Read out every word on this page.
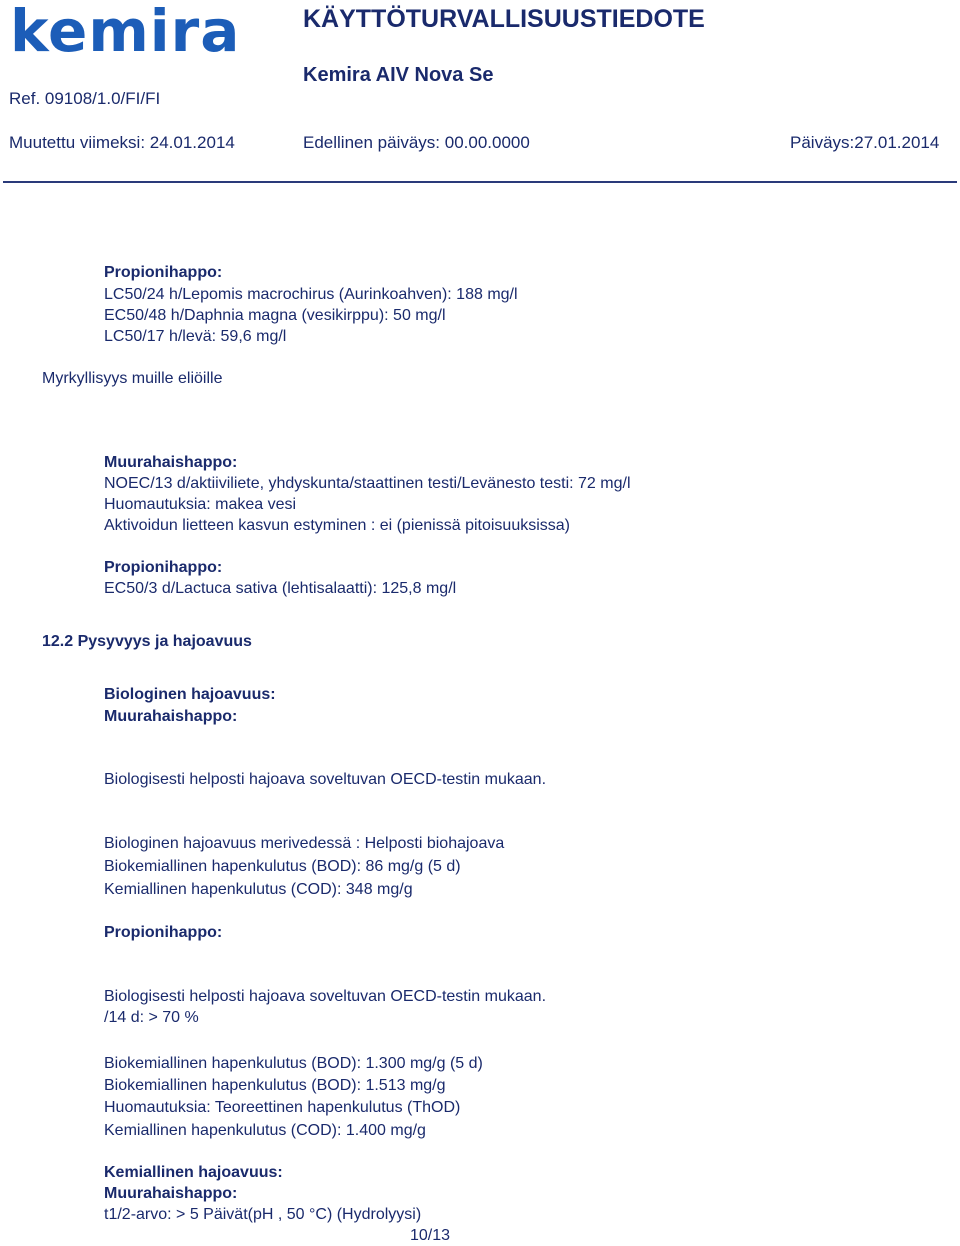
kemira	KÄYTTÖTURVALLISUUSTIEDOTE
Kemira AIV Nova Se
Ref. 09108/1.0/FI/FI
Muutettu viimeksi: 24.01.2014	Edellinen päiväys: 00.00.0000	Päiväys:27.01.2014
Propionihappo:
LC50/24 h/Lepomis macrochirus (Aurinkoahven): 188 mg/l
EC50/48 h/Daphnia magna (vesikirppu): 50 mg/l
LC50/17 h/levä: 59,6 mg/l
Myrkyllisyys muille eliöille
Muurahaishappo:
NOEC/13 d/aktiiviliete, yhdyskunta/staattinen testi/Levänesto testi: 72 mg/l
Huomautuksia: makea vesi
Aktivoidun lietteen kasvun estyminen : ei (pienissä pitoisuuksissa)
Propionihappo:
EC50/3 d/Lactuca sativa (lehtisalaatti): 125,8 mg/l
12.2 Pysyvyys ja hajoavuus
Biologinen hajoavuus:
Muurahaishappo:
Biologisesti helposti hajoava soveltuvan OECD-testin mukaan.
Biologinen hajoavuus merivedessä : Helposti biohajoava
Biokemiallinen hapenkulutus (BOD): 86 mg/g (5 d)
Kemiallinen hapenkulutus (COD): 348 mg/g
Propionihappo:
Biologisesti helposti hajoava soveltuvan OECD-testin mukaan.
/14 d: > 70 %
Biokemiallinen hapenkulutus (BOD): 1.300 mg/g (5 d)
Biokemiallinen hapenkulutus (BOD): 1.513 mg/g
Huomautuksia: Teoreettinen hapenkulutus (ThOD)
Kemiallinen hapenkulutus (COD): 1.400 mg/g
Kemiallinen hajoavuus:
Muurahaishappo:
t1/2-arvo: > 5 Päivät(pH , 50 °C) (Hydrolyysi)
10/13
